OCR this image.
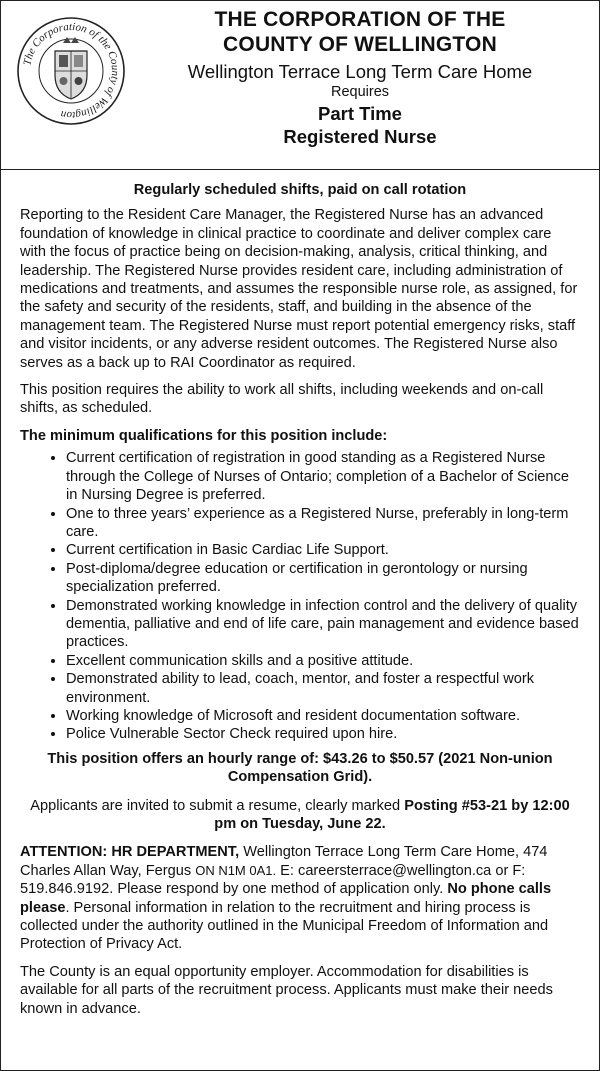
The Corporation of the County of Wellington
THE CORPORATION OF THE
COUNTY OF WELLINGTON
Wellington Terrace Long Term Care Home
Requires
Part Time
Registered Nurse
Regularly scheduled shifts, paid on call rotation

Reporting to the Resident Care Manager, the Registered Nurse has an advanced foundation of knowledge in clinical practice to coordinate and deliver complex care with the focus of practice being on decision-making, analysis, critical thinking, and leadership. The Registered Nurse provides resident care, including administration of medications and treatments, and assumes the responsible nurse role, as assigned, for the safety and security of the residents, staff, and building in the absence of the management team. The Registered Nurse must report potential emergency risks, staff and visitor incidents, or any adverse resident outcomes. The Registered Nurse also serves as a back up to RAI Coordinator as required.

This position requires the ability to work all shifts, including weekends and on-call shifts, as scheduled.

The minimum qualifications for this position include:
• Current certification of registration in good standing as a Registered Nurse through the College of Nurses of Ontario; completion of a Bachelor of Science in Nursing Degree is preferred.
• One to three years’ experience as a Registered Nurse, preferably in long-term care.
• Current certification in Basic Cardiac Life Support.
• Post-diploma/degree education or certification in gerontology or nursing specialization preferred.
• Demonstrated working knowledge in infection control and the delivery of quality dementia, palliative and end of life care, pain management and evidence based practices.
• Excellent communication skills and a positive attitude.
• Demonstrated ability to lead, coach, mentor, and foster a respectful work environment.
• Working knowledge of Microsoft and resident documentation software.
• Police Vulnerable Sector Check required upon hire.
This position offers an hourly range of: $43.26 to $50.57 (2021 Non-union Compensation Grid).
Applicants are invited to submit a resume, clearly marked Posting #53-21 by 12:00 pm on Tuesday, June 22.

ATTENTION: HR DEPARTMENT, Wellington Terrace Long Term Care Home, 474 Charles Allan Way, Fergus ON N1M 0A1. E: careersterrace@wellington.ca or F: 519.846.9192. Please respond by one method of application only. No phone calls please. Personal information in relation to the recruitment and hiring process is collected under the authority outlined in the Municipal Freedom of Information and Protection of Privacy Act.

The County is an equal opportunity employer. Accommodation for disabilities is available for all parts of the recruitment process. Applicants must make their needs known in advance.
